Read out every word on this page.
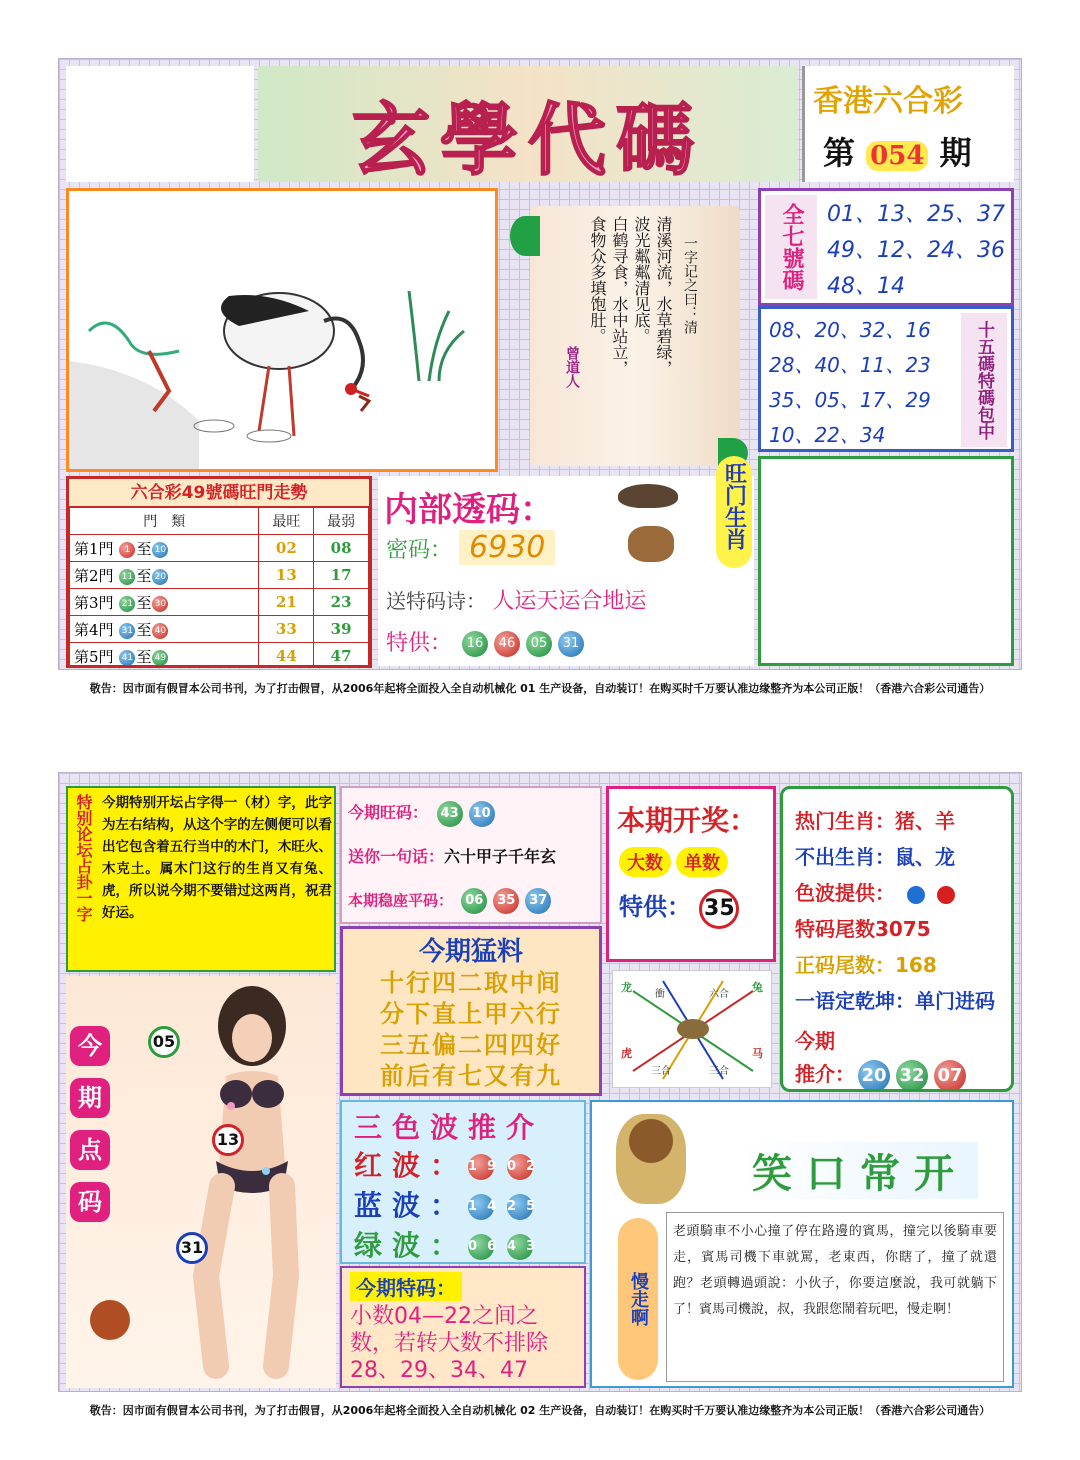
玄學代碼	香港六合彩
第 054 期
一字记之曰：清
清溪河流，水草碧绿，
波光粼粼清见底。
白鹤寻食，水中站立，
食物众多填饱肚。
曾道人
全七號碼	01、13、25、37
49、12、24、36
48、14
08、20、32、16
28、40、11、23
35、05、17、29
10、22、34	十五碼特碼包中
六合彩49號碼旺門走勢
門　類	最旺	最弱
第1門 1 至 10	02	08
第2門 11 至 20	13	17
第3門 21 至 30	21	23
第4門 31 至 40	33	39
第5門 41 至 49	44	47
内部透码：
密码： 6930
送特码诗： 人运天运合地运
特供： 16 46 05 31
旺门生肖
敬告：因市面有假冒本公司书刊，为了打击假冒，从2006年起将全面投入全自动机械化 01 生产设备，自动装订！在购买时千万要认准边缘整齐为本公司正版！（香港六合彩公司通告）
特别论坛占卦一字 今期特别开坛占字得一（材）字，此字为左右结构，从这个字的左侧便可以看出它包含着五行当中的木门，木旺火、木克土。属木门这行的生肖又有兔、虎，所以说今期不要错过这两肖，祝君好运。
今期旺码： 43 10
送你一句话：六十甲子千年玄
本期稳座平码： 06 35 37
今期猛料
十行四二取中间
分下直上甲六行
三五偏二四四好
前后有七又有九
本期开奖：
大数 单数
特供： 35
龙
衝	六合
兔
虎
三合	三合
马
热门生肖：猪、羊
不出生肖：鼠、龙
色波提供：
特码尾数3075
正码尾数：168
一语定乾坤：单门进码
今期
推介： 20 32 07
今
期
点
码
05
13
31
三色波推介
红波： 1902
蓝波： 1425
绿波： 0643
今期特码：
小数04—22之间之数，若转大数不排除28、29、34、47
笑口常开
慢走啊
老頭騎車不小心撞了停在路邊的賓馬，撞完以後騎車要走，賓馬司機下車就罵，老東西，你瞎了，撞了就還跑？老頭轉過頭說：小伙子，你要這麼說，我可就躺下了！賓馬司機說，叔，我跟您鬧着玩吧，慢走啊！
敬告：因市面有假冒本公司书刊，为了打击假冒，从2006年起将全面投入全自动机械化 02 生产设备，自动装订！在购买时千万要认准边缘整齐为本公司正版！（香港六合彩公司通告）
